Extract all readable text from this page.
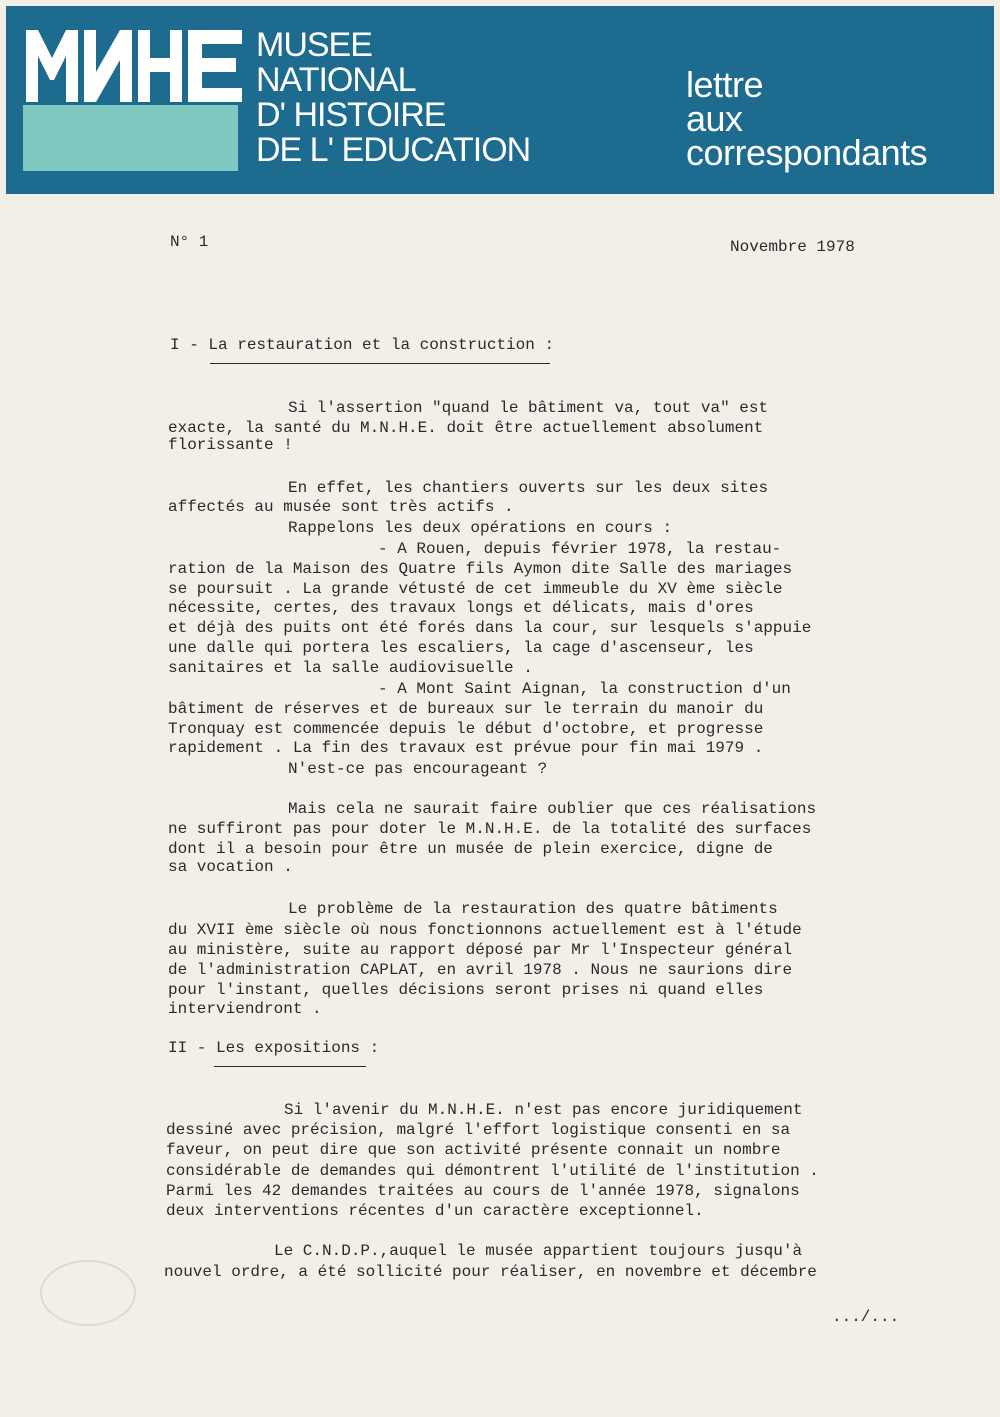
MUSEE
NATIONAL
D' HISTOIRE
DE L' EDUCATION
lettre
aux
correspondants
N° 1	Novembre 1978
I - La restauration et la construction :
Si l'assertion "quand le bâtiment va, tout va" est
exacte, la santé du M.N.H.E. doit être actuellement absolument
florissante !
En effet, les chantiers ouverts sur les deux sites
affectés au musée sont très actifs .
Rappelons les deux opérations en cours :
- A Rouen, depuis février 1978, la restau-
ration de la Maison des Quatre fils Aymon dite Salle des mariages
se poursuit . La grande vétusté de cet immeuble du XV ème siècle
nécessite, certes, des travaux longs et délicats, mais d'ores
et déjà des puits ont été forés dans la cour, sur lesquels s'appuie
une dalle qui portera les escaliers, la cage d'ascenseur, les
sanitaires et la salle audiovisuelle .
- A Mont Saint Aignan, la construction d'un
bâtiment de réserves et de bureaux sur le terrain du manoir du
Tronquay est commencée depuis le début d'octobre, et progresse
rapidement . La fin des travaux est prévue pour fin mai 1979 .
N'est-ce pas encourageant ?
Mais cela ne saurait faire oublier que ces réalisations
ne suffiront pas pour doter le M.N.H.E. de la totalité des surfaces
dont il a besoin pour être un musée de plein exercice, digne de
sa vocation .
Le problème de la restauration des quatre bâtiments
du XVII ème siècle où nous fonctionnons actuellement est à l'étude
au ministère, suite au rapport déposé par Mr l'Inspecteur général
de l'administration CAPLAT, en avril 1978 . Nous ne saurions dire
pour l'instant, quelles décisions seront prises ni quand elles
interviendront .
II - Les expositions :
Si l'avenir du M.N.H.E. n'est pas encore juridiquement
dessiné avec précision, malgré l'effort logistique consenti en sa
faveur, on peut dire que son activité présente connait un nombre
considérable de demandes qui démontrent l'utilité de l'institution .
Parmi les 42 demandes traitées au cours de l'année 1978, signalons
deux interventions récentes d'un caractère exceptionnel.
Le C.N.D.P.,auquel le musée appartient toujours jusqu'à
nouvel ordre, a été sollicité pour réaliser, en novembre et décembre
.../...
